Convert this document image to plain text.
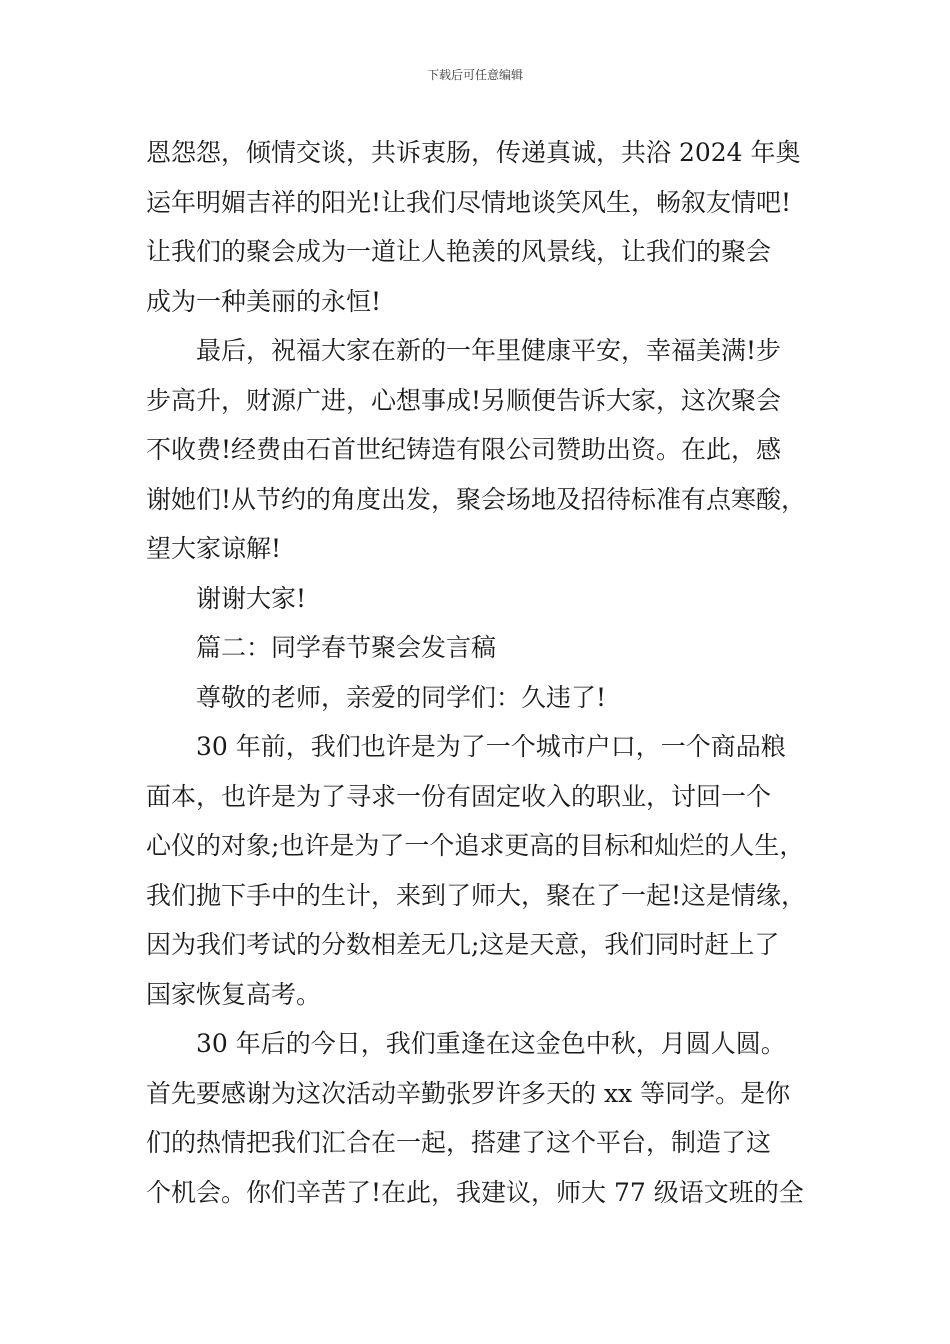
下载后可任意编辑
恩怨怨，倾情交谈，共诉衷肠，传递真诚，共浴 2024 年奥
运年明媚吉祥的阳光!让我们尽情地谈笑风生，畅叙友情吧!
让我们的聚会成为一道让人艳羡的风景线，让我们的聚会
成为一种美丽的永恒!
最后，祝福大家在新的一年里健康平安，幸福美满!步
步高升，财源广进，心想事成!另顺便告诉大家，这次聚会
不收费!经费由石首世纪铸造有限公司赞助出资。在此，感
谢她们!从节约的角度出发，聚会场地及招待标准有点寒酸，
望大家谅解!
谢谢大家!
篇二：同学春节聚会发言稿
尊敬的老师，亲爱的同学们：久违了!
30 年前，我们也许是为了一个城市户口，一个商品粮
面本，也许是为了寻求一份有固定收入的职业，讨回一个
心仪的对象;也许是为了一个追求更高的目标和灿烂的人生，
我们抛下手中的生计，来到了师大，聚在了一起!这是情缘，
因为我们考试的分数相差无几;这是天意，我们同时赶上了
国家恢复高考。
30 年后的今日，我们重逢在这金色中秋，月圆人圆。
首先要感谢为这次活动辛勤张罗许多天的 xx 等同学。是你
们的热情把我们汇合在一起，搭建了这个平台，制造了这
个机会。你们辛苦了!在此，我建议，师大 77 级语文班的全
